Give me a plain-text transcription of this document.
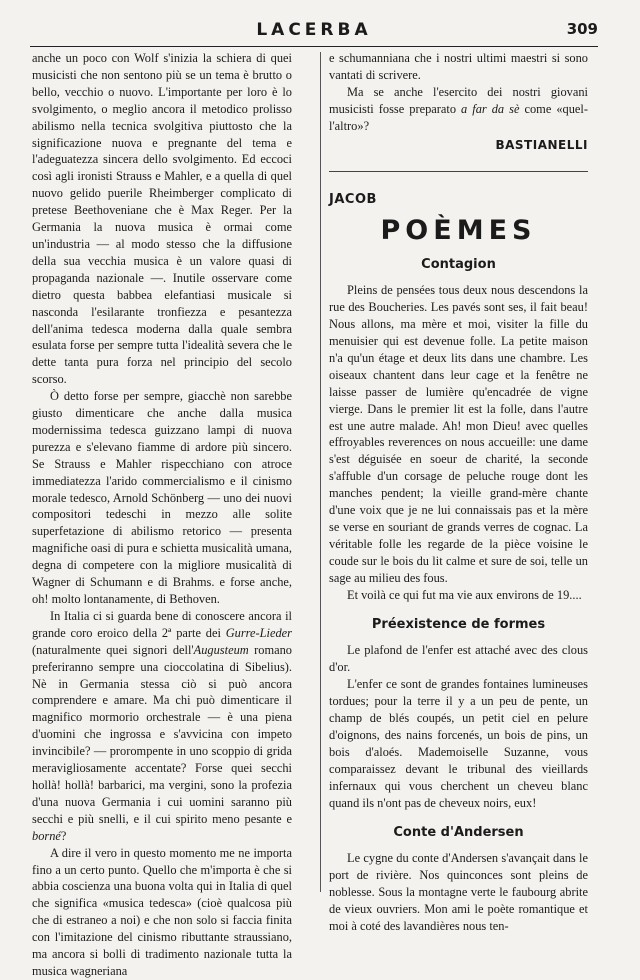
LACERBA	309

anche un poco con Wolf s'inizia la schiera di quei musicisti che non sentono più se un tema è brutto o bello, vecchio o nuovo. L'importante per loro è lo svolgimento, o meglio ancora il metodico prolisso abilismo nella tecnica svolgitiva piuttosto che la significazione nuova e pregnante del tema e l'adeguatezza sincera dello svolgimento. Ed eccoci così agli ironisti Strauss e Mahler, e a quella di quel nuovo gelido puerile Rheimberger complicato di pretese Beethoveniane che è Max Reger. Per la Germania la nuova musica è ormai come un'industria — al modo stesso che la diffusione della sua vecchia musica è un valore quasi di propaganda nazionale —. Inutile osservare come dietro questa babbea elefantiasi musicale si nasconda l'esilarante tronfiezza e pesantezza dell'anima tedesca moderna dalla quale sembra esulata forse per sempre tutta l'idealità severa che le dette tanta pura forza nel principio del secolo scorso.

Ò detto forse per sempre, giacchè non sarebbe giusto dimenticare che anche dalla musica modernissima tedesca guizzano lampi di nuova purezza e s'elevano fiamme di ardore più sincero. Se Strauss e Mahler rispecchiano con atroce immediatezza l'arido commercialismo e il cinismo morale tedesco, Arnold Schönberg — uno dei nuovi compositori tedeschi in mezzo alle solite superfetazione di abilismo retorico — presenta magnifiche oasi di pura e schietta musicalità umana, degna di competere con la migliore musicalità di Wagner di Schumann e di Brahms. e forse anche, oh! molto lontanamente, di Bethoven.

In Italia ci si guarda bene di conoscere ancora il grande coro eroico della 2ª parte dei Gurre-Lieder (naturalmente quei signori dell'Augusteum romano preferiranno sempre una cioccolatina di Sibelius). Nè in Germania stessa ciò si può ancora comprendere e amare. Ma chi può dimenticare il magnifico mormorio orchestrale — è una piena d'uomini che ingrossa e s'avvicina con impeto invincibile? — prorompente in uno scoppio di grida meravigliosamente accentate? Forse quei secchi hollà! hollà! barbarici, ma vergini, sono la profezia d'una nuova Germania i cui uomini saranno più secchi e più snelli, e il cui spirito meno pesante e borné?

A dire il vero in questo momento me ne importa fino a un certo punto. Quello che m'importa è che si abbia coscienza una buona volta qui in Italia di quel che significa «musica tedesca» (cioè qualcosa più che di estraneo a noi) e che non solo si faccia finita con l'imitazione del cinismo ributtante straussiano, ma ancora si bolli di tradimento nazionale tutta la musica wagneriana

e schumanniana che i nostri ultimi maestri si sono vantati di scrivere.

Ma se anche l'esercito dei nostri giovani musicisti fosse preparato a far da sè come «quel-l'altro»?

BASTIANELLI
JACOB
POÈMES
Contagion

Pleins de pensées tous deux nous descendons la rue des Boucheries. Les pavés sont ses, il fait beau! Nous allons, ma mère et moi, visiter la fille du menuisier qui est devenue folle. La petite maison n'a qu'un étage et deux lits dans une chambre. Les oiseaux chantent dans leur cage et la fenêtre ne laisse passer de lumière qu'encadrée de vigne vierge. Dans le premier lit est la folle, dans l'autre est une autre malade. Ah! mon Dieu! avec quelles effroyables reverences on nous accueille: une dame s'est déguisée en soeur de charité, la seconde s'affuble d'un corsage de peluche rouge dont les manches pendent; la vieille grand-mère chante d'une voix que je ne lui connaissais pas et la mère se verse en souriant de grands verres de cognac. La véritable folle les regarde de la pièce voisine le coude sur le bois du lit calme et sure de soi, telle un sage au milieu des fous.

Et voilà ce qui fut ma vie aux environs de 19....

Préexistence de formes

Le plafond de l'enfer est attaché avec des clous d'or.

L'enfer ce sont de grandes fontaines lumineuses tordues; pour la terre il y a un peu de pente, un champ de blés coupés, un petit ciel en pelure d'oignons, des nains forcenés, un bois de pins, un bois d'aloés. Mademoiselle Suzanne, vous comparaissez devant le tribunal des vieillards infernaux qui vous cherchent un cheveu blanc quand ils n'ont pas de cheveux noirs, eux!

Conte d'Andersen

Le cygne du conte d'Andersen s'avançait dans le port de rivière. Nos quinconces sont pleins de noblesse. Sous la montagne verte le faubourg abrite de vieux ouvriers. Mon ami le poète romantique et moi à coté des lavandières nous ten-
